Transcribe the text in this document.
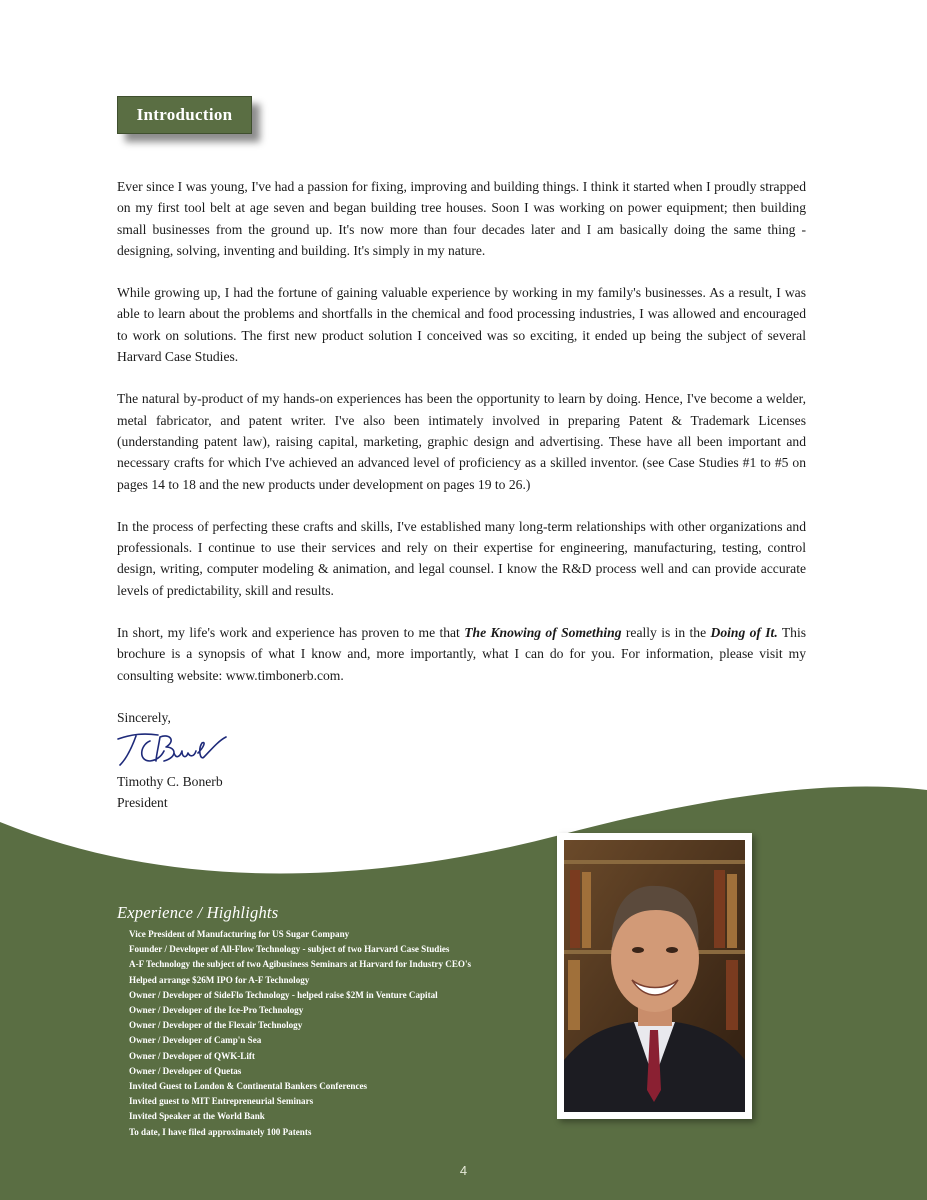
Introduction

Ever since I was young, I've had a passion for fixing, improving and building things. I think it started when I proudly strapped on my first tool belt at age seven and began building tree houses. Soon I was working on power equipment; then building small businesses from the ground up. It's now more than four decades later and I am basically doing the same thing - designing, solving, inventing and building. It's simply in my nature.

While growing up, I had the fortune of gaining valuable experience by working in my family's businesses. As a result, I was able to learn about the problems and shortfalls in the chemical and food processing industries, I was allowed and encouraged to work on solutions. The first new product solution I conceived was so exciting, it ended up being the subject of several Harvard Case Studies.

The natural by-product of my hands-on experiences has been the opportunity to learn by doing. Hence, I've become a welder, metal fabricator, and patent writer. I've also been intimately involved in preparing Patent & Trademark Licenses (understanding patent law), raising capital, marketing, graphic design and advertising. These have all been important and necessary crafts for which I've achieved an advanced level of proficiency as a skilled inventor. (see Case Studies #1 to #5 on pages 14 to 18 and the new products under development on pages 19 to 26.)

In the process of perfecting these crafts and skills, I've established many long-term relationships with other organizations and professionals. I continue to use their services and rely on their expertise for engineering, manufacturing, testing, control design, writing, computer modeling & animation, and legal counsel. I know the R&D process well and can provide accurate levels of predictability, skill and results.

In short, my life's work and experience has proven to me that The Knowing of Something really is in the Doing of It. This brochure is a synopsis of what I know and, more importantly, what I can do for you. For information, please visit my consulting website: www.timbonerb.com.

Sincerely,
Timothy C. Bonerb
President
Experience / Highlights
Vice President of Manufacturing for US Sugar Company
Founder / Developer of All-Flow Technology - subject of two Harvard Case Studies
A-F Technology the subject of two Agibusiness Seminars at Harvard for Industry CEO's
Helped arrange $26M IPO for A-F Technology
Owner / Developer of SideFlo Technology - helped raise $2M in Venture Capital
Owner / Developer of the Ice-Pro Technology
Owner / Developer of the Flexair Technology
Owner / Developer of Camp'n Sea
Owner / Developer of QWK-Lift
Owner / Developer of Quetas
Invited Guest to London & Continental Bankers Conferences
Invited guest to MIT Entrepreneurial Seminars
Invited Speaker at the World Bank
To date, I have filed approximately 100 Patents
4
